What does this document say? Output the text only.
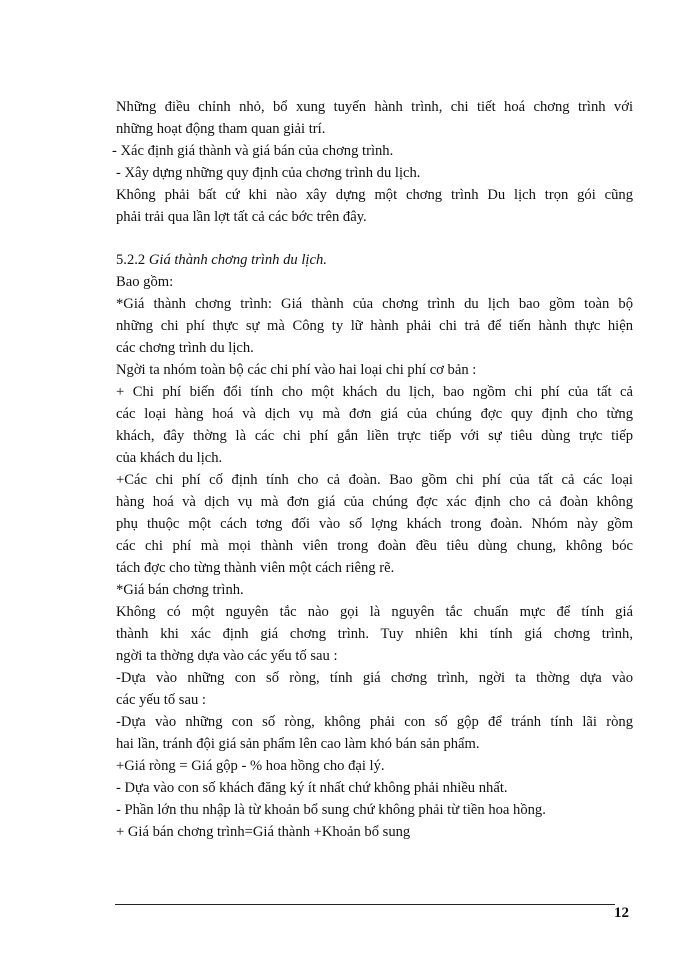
Những điều chỉnh nhỏ, bổ xung tuyến hành trình, chi tiết hoá chơng trình với

những hoạt động tham quan giải trí.

- Xác định giá thành và giá bán của chơng trình.

- Xây dựng những quy định của chơng trình du lịch.

Không phải bất cứ khi nào xây dựng một chơng trình Du lịch trọn gói cũng

phải trải qua lần lợt tất cả các bớc trên đây.

5.2.2 Giá thành chơng trình du lịch.

Bao gồm:

*Giá thành chơng trình: Giá thành của chơng trình du lịch bao gồm toàn bộ

những chi phí thực sự mà Công ty lữ hành phải chi trả để tiến hành thực hiện

các chơng trình du lịch.

Ngời ta nhóm toàn bộ các chi phí vào hai loại chi phí cơ bản :

+ Chi phí biến đổi tính cho một khách du lịch, bao ngồm chi phí của tất cả

các loại hàng hoá và dịch vụ mà đơn giá của chúng đợc quy định cho từng

khách, đây thờng là các chi phí gắn liền trực tiếp với sự tiêu dùng trực tiếp

của khách du lịch.

+Các chi phí cố định tính cho cả đoàn. Bao gồm chi phí của tất cả các loại

hàng hoá và dịch vụ mà đơn giá của chúng đợc xác định cho cả đoàn không

phụ thuộc một cách tơng đối vào số lợng khách trong đoàn. Nhóm này gồm

các chi phí mà mọi thành viên trong đoàn đều tiêu dùng chung, không bóc

tách đợc cho từng thành viên một cách riêng rẽ.

*Giá bán chơng trình.

Không có một nguyên tắc nào gọi là nguyên tắc chuẩn mực để tính giá

thành khi xác định giá chơng trình. Tuy nhiên khi tính giá chơng trình,

ngời ta thờng dựa vào các yếu tố sau :

-Dựa vào những con số ròng, tính giá chơng trình, ngời ta thờng dựa vào

các yếu tố sau :

-Dựa vào những con số ròng, không phải con số gộp để tránh tính lãi ròng

hai lần, tránh đội giá sản phẩm lên cao làm khó bán sản phẩm.

+Giá ròng = Giá gộp - % hoa hồng cho đại lý.

- Dựa vào con số khách đăng ký ít nhất chứ không phải nhiều nhất.

- Phần lớn thu nhập là từ khoản bổ sung chứ không phải từ tiền hoa hồng.

+ Giá bán chơng trình=Giá thành +Khoản bổ sung

12
